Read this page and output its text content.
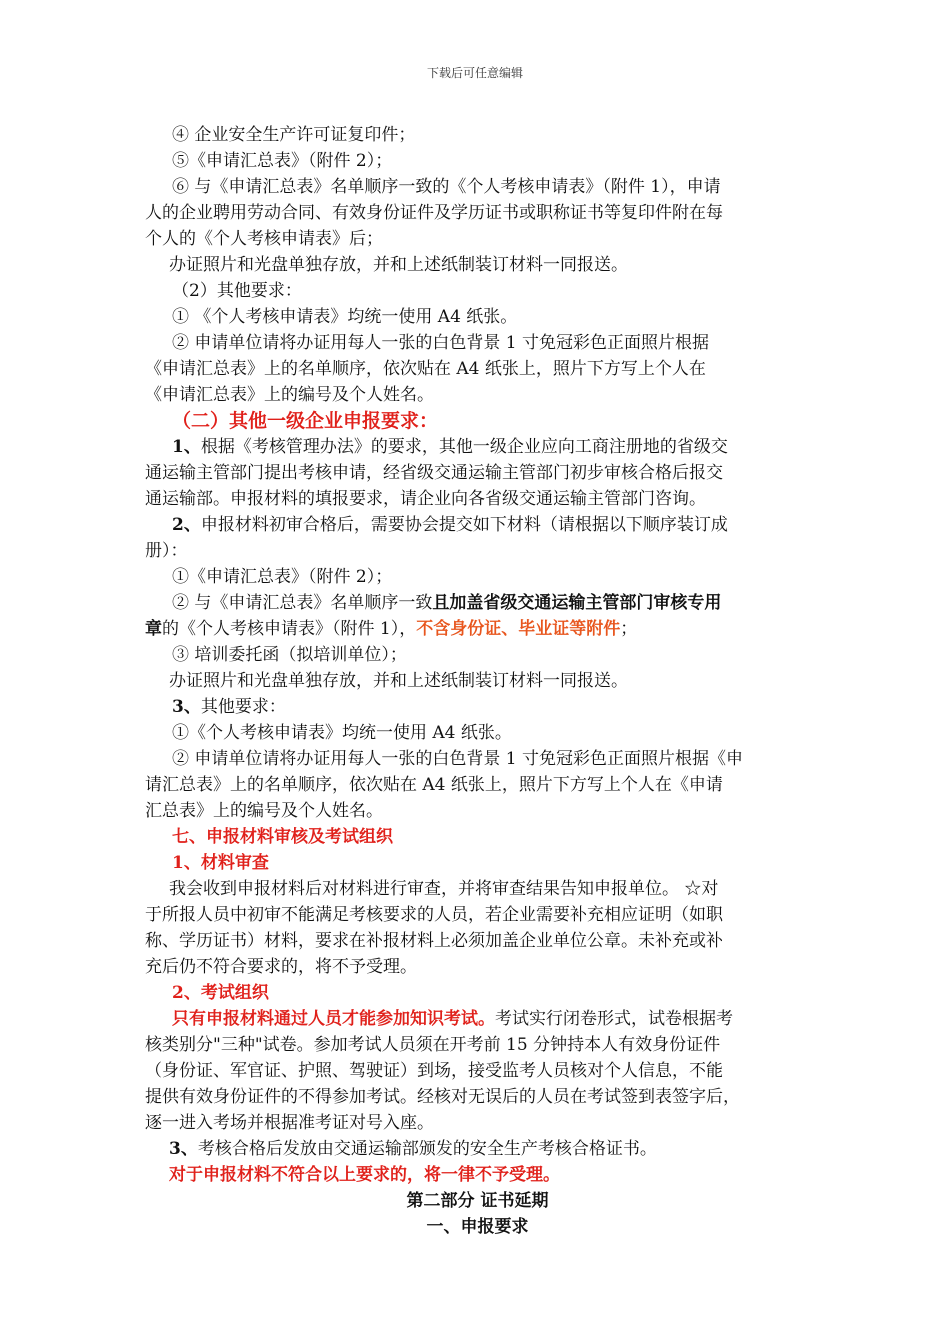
下载后可任意编辑
④ 企业安全生产许可证复印件；
⑤《申请汇总表》（附件 2）；
⑥ 与《申请汇总表》名单顺序一致的《个人考核申请表》（附件 1），申请
人的企业聘用劳动合同、有效身份证件及学历证书或职称证书等复印件附在每
个人的《个人考核申请表》后；
办证照片和光盘单独存放，并和上述纸制装订材料一同报送。
（2）其他要求：
① 《个人考核申请表》均统一使用 A4 纸张。
② 申请单位请将办证用每人一张的白色背景 1 寸免冠彩色正面照片根据
《申请汇总表》上的名单顺序，依次贴在 A4 纸张上，照片下方写上个人在
《申请汇总表》上的编号及个人姓名。
（二）其他一级企业申报要求：
1、根据《考核管理办法》的要求，其他一级企业应向工商注册地的省级交
通运输主管部门提出考核申请，经省级交通运输主管部门初步审核合格后报交
通运输部。申报材料的填报要求，请企业向各省级交通运输主管部门咨询。
2、申报材料初审合格后，需要协会提交如下材料（请根据以下顺序装订成
册）：
①《申请汇总表》（附件 2）；
② 与《申请汇总表》名单顺序一致且加盖省级交通运输主管部门审核专用
章的《个人考核申请表》（附件 1），不含身份证、毕业证等附件；
③ 培训委托函（拟培训单位）；
办证照片和光盘单独存放，并和上述纸制装订材料一同报送。
3、其他要求：
①《个人考核申请表》均统一使用 A4 纸张。
② 申请单位请将办证用每人一张的白色背景 1 寸免冠彩色正面照片根据《申
请汇总表》上的名单顺序，依次贴在 A4 纸张上，照片下方写上个人在《申请
汇总表》上的编号及个人姓名。
七、申报材料审核及考试组织
1、材料审查
我会收到申报材料后对材料进行审查，并将审查结果告知申报单位。 ☆对
于所报人员中初审不能满足考核要求的人员，若企业需要补充相应证明（如职
称、学历证书）材料，要求在补报材料上必须加盖企业单位公章。未补充或补
充后仍不符合要求的，将不予受理。
2、考试组织
只有申报材料通过人员才能参加知识考试。考试实行闭卷形式，试卷根据考
核类别分"三种"试卷。参加考试人员须在开考前 15 分钟持本人有效身份证件
（身份证、军官证、护照、驾驶证）到场，接受监考人员核对个人信息，不能
提供有效身份证件的不得参加考试。经核对无误后的人员在考试签到表签字后，
逐一进入考场并根据准考证对号入座。
3、考核合格后发放由交通运输部颁发的安全生产考核合格证书。
对于申报材料不符合以上要求的，将一律不予受理。
第二部分 证书延期
一、申报要求
